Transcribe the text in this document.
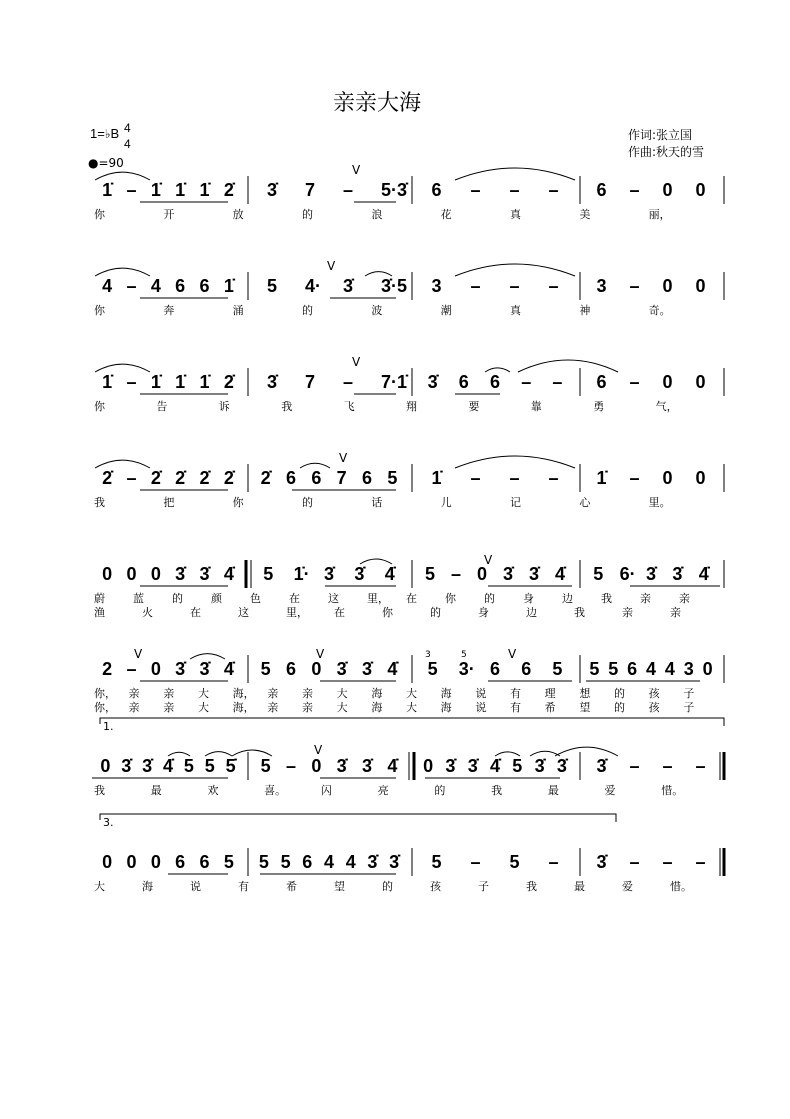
亲亲大海
1=♭B 4
4
●=90
作词:张立国
作曲:秋天的雪
1̇ – 1̇ 1̇ 1̇ 2̇ 3̇ 7 – 5·3̇ 6 – – – 6 – 0 0
你	开	放	的	浪	花	真	美	丽，
4 – 4 6 6 1̇ 5 4· 3̇ 3̇·5 3 – – – 3 – 0 0
你	奔	涌	的	波	潮	真	神	奇。
1̇ – 1̇ 1̇ 1̇ 2̇ 3̇ 7 – 7·1̇ 3̇ 6 6 – – 6 – 0 0
你	告	诉	我	飞	翔	要	靠	勇	气，
2̇ – 2̇ 2̇ 2̇ 2̇ 2̇ 6 6 7 6 5 1̇ – – – 1̇ – 0 0
我	把	你	的	话	儿	记	心	里。
0 0 0 3̇ 3̇ 4̇ 5 1̇· 3̇ 3̇ 4̇ 5 – 0 3̇ 3̇ 4̇ 5 6· 3̇ 3̇ 4̇
蔚	蓝	的	颜	色	在	这	里， 在	你	的	身	边	我	亲	亲
渔	火	在	这	里， 在	你	的	身	边	我	亲	亲
2 – 0 3̇ 3̇ 4̇ 5 6 0 3̇ 3̇ 4̇ 5 3· 6 6 5 5 5 6 4 4 3 0
你， 亲 亲 大 海， 亲 亲 大 海 大 海 说 有 理 想 的 孩 子
你， 亲 亲 大 海， 亲 亲 大 海 大 海 说 有 希 望 的 孩 子
0 3̇ 3̇ 4̇ 5 5 5̇ 5 – 0 3̇ 3̇ 4̇ 0 3̇ 3̇ 4̇ 5 3̇ 3̇ 3̇ – – –
我	最	欢	喜。	闪	亮	的	我	最	爱	惜。
1.
0 0 0 6 6 5 5 5 6 4 4 3̇ 3̇ 5 – 5 – 3̇ – – –
大	海	说	有	希	望	的	孩	子	我	最	爱	惜。
3.
V
V
V
V
V
V	V	V
V
3	5
